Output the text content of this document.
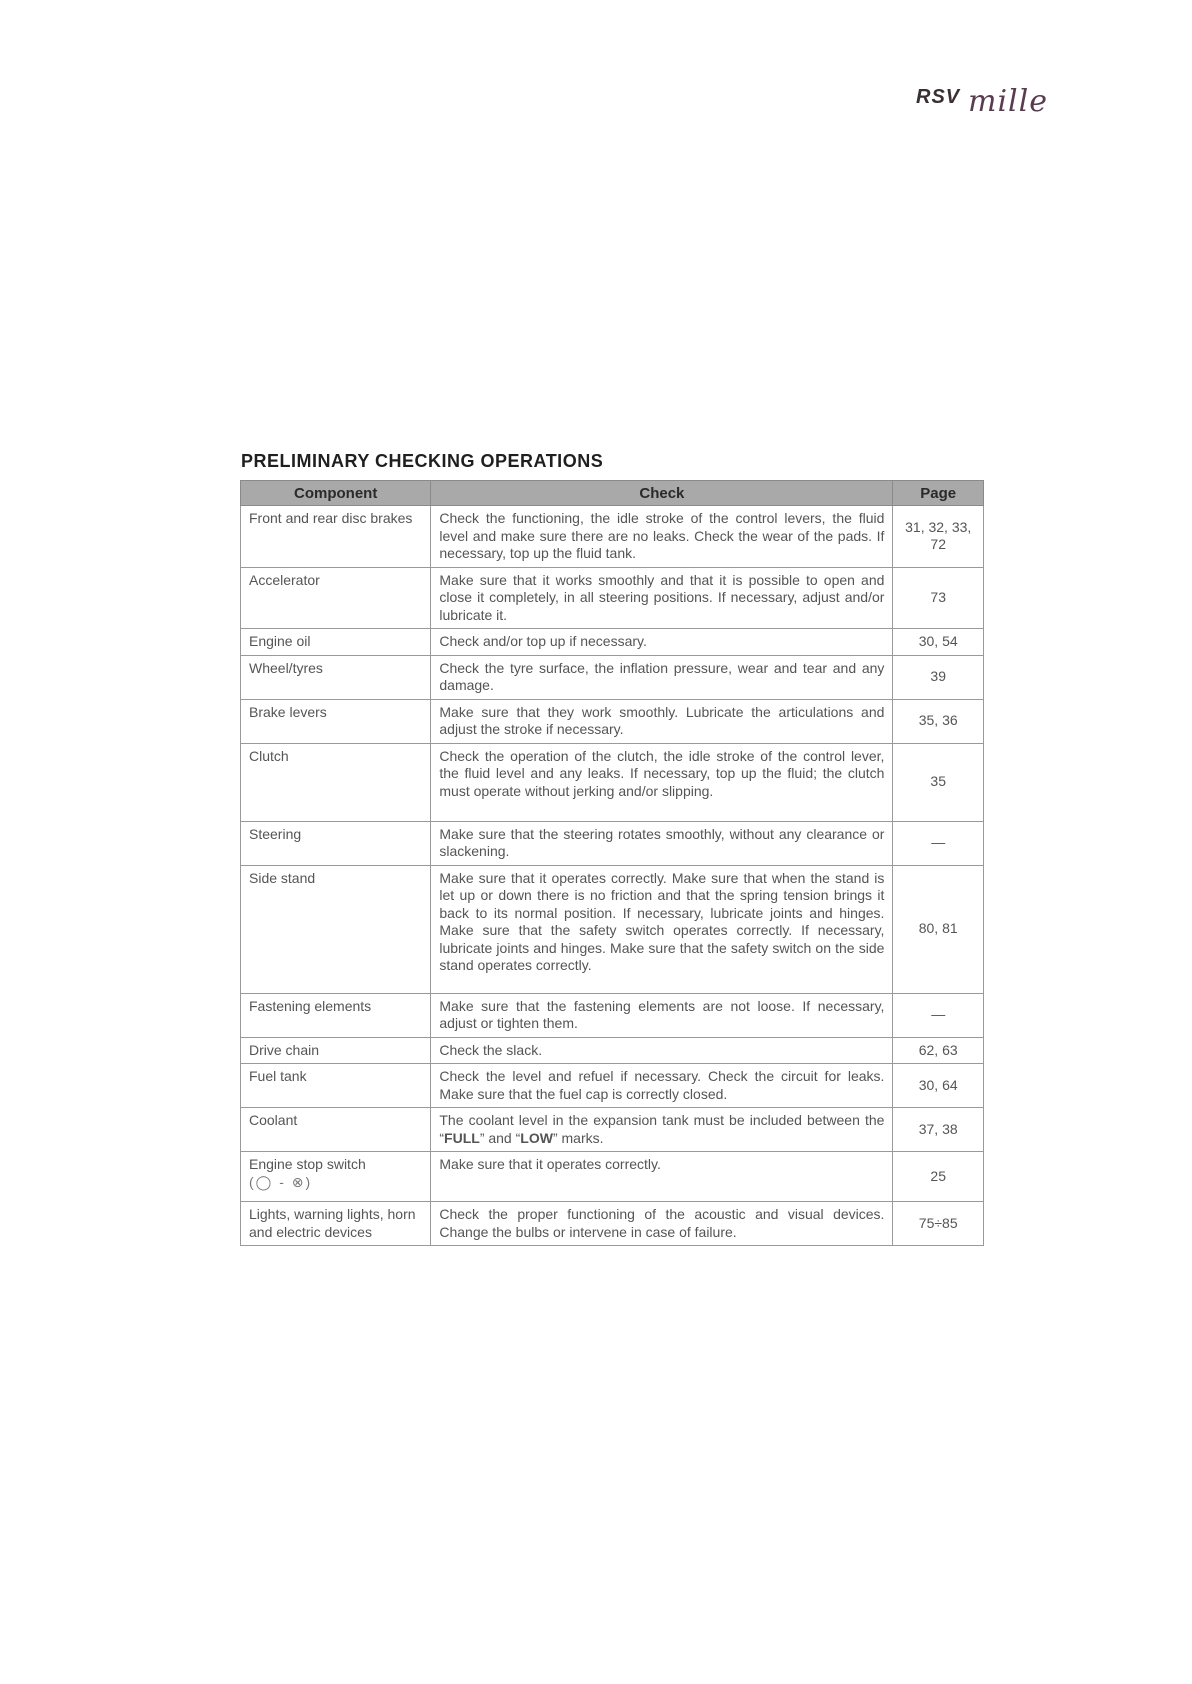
RSV mille
PRELIMINARY CHECKING OPERATIONS
Component	Check	Page
Front and rear disc brakes	Check the functioning, the idle stroke of the control levers, the fluid level and make sure there are no leaks. Check the wear of the pads. If necessary, top up the fluid tank.	31, 32, 33, 72
Accelerator	Make sure that it works smoothly and that it is possible to open and close it completely, in all steering positions. If necessary, adjust and/or lubricate it.	73
Engine oil	Check and/or top up if necessary.	30, 54
Wheel/tyres	Check the tyre surface, the inflation pressure, wear and tear and any damage.	39
Brake levers	Make sure that they work smoothly. Lubricate the articulations and adjust the stroke if necessary.	35, 36
Clutch	Check the operation of the clutch, the idle stroke of the control lever, the fluid level and any leaks. If necessary, top up the fluid; the clutch must operate without jerking and/or slipping.	35
Steering	Make sure that the steering rotates smoothly, without any clearance or slackening.	—
Side stand	Make sure that it operates correctly. Make sure that when the stand is let up or down there is no friction and that the spring tension brings it back to its normal position. If necessary, lubricate joints and hinges. Make sure that the safety switch operates correctly. If necessary, lubricate joints and hinges. Make sure that the safety switch on the side stand operates correctly.	80, 81
Fastening elements	Make sure that the fastening elements are not loose. If necessary, adjust or tighten them.	—
Drive chain	Check the slack.	62, 63
Fuel tank	Check the level and refuel if necessary. Check the circuit for leaks. Make sure that the fuel cap is correctly closed.	30, 64
Coolant	The coolant level in the expansion tank must be included between the “FULL” and “LOW” marks.	37, 38
Engine stop switch
(◯ - ⊗)	Make sure that it operates correctly.	25
Lights, warning lights, horn and electric devices	Check the proper functioning of the acoustic and visual devices. Change the bulbs or intervene in case of failure.	75÷85
